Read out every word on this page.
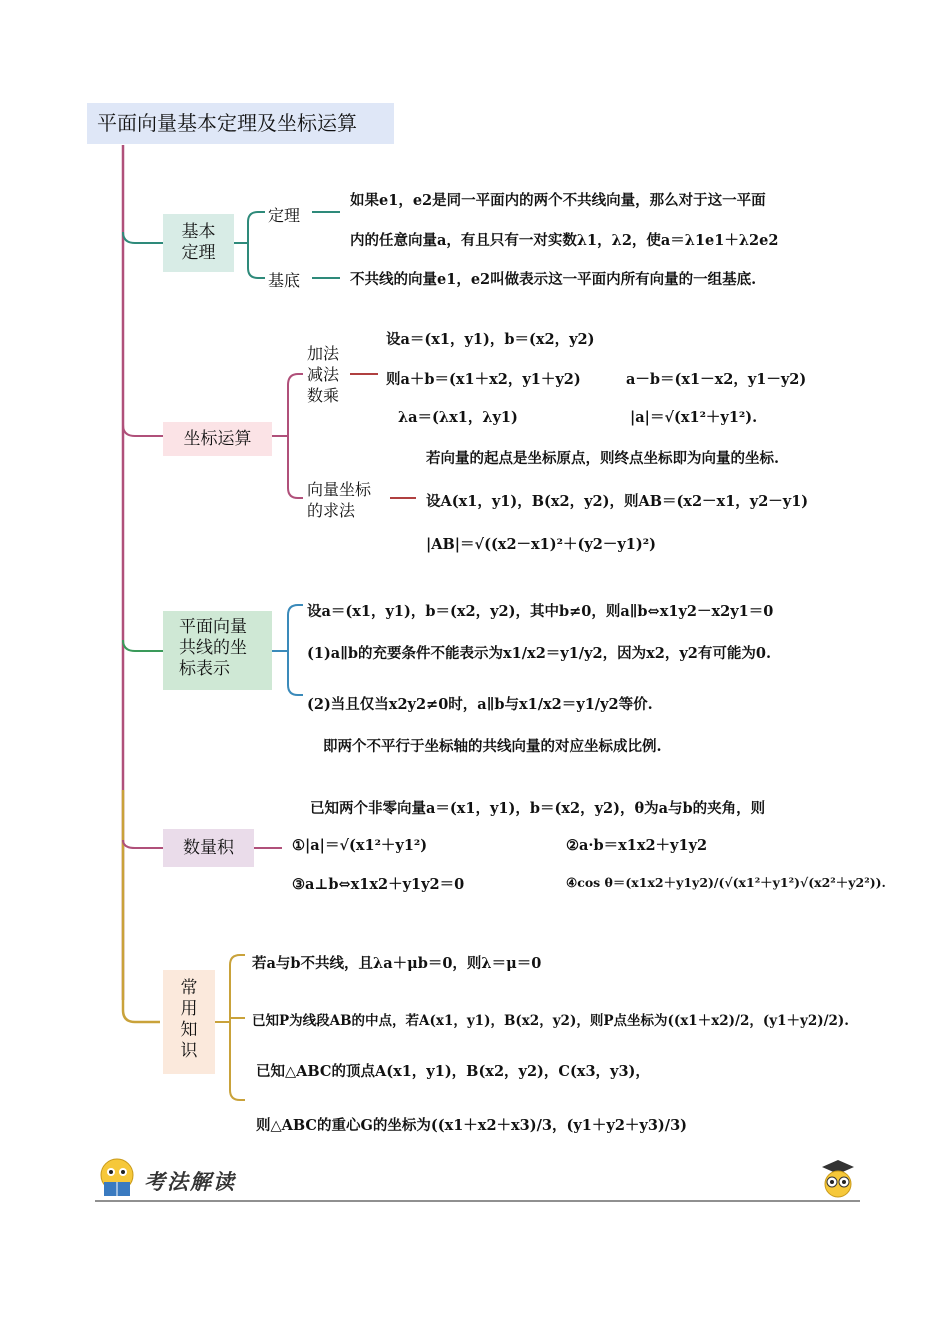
平面向量基本定理及坐标运算
基本
定理
坐标运算
平面向量
共线的坐
标表示
数量积
常
用
知
识
定理
基底
如果e1，e2是同一平面内的两个不共线向量，那么对于这一平面
内的任意向量a，有且只有一对实数λ1，λ2，使a＝λ1e1＋λ2e2
不共线的向量e1，e2叫做表示这一平面内所有向量的一组基底.
加法
减法
数乘
设a＝(x1，y1)，b＝(x2，y2)
则a＋b＝(x1＋x2，y1＋y2)	a－b＝(x1－x2，y1－y2)
λa＝(λx1，λy1)	|a|＝√(x1²＋y1²).
向量坐标
的求法
若向量的起点是坐标原点，则终点坐标即为向量的坐标.
设A(x1，y1)，B(x2，y2)，则AB＝(x2－x1，y2－y1)
|AB|＝√((x2－x1)²＋(y2－y1)²)
设a＝(x1，y1)，b＝(x2，y2)，其中b≠0，则a∥b⇔x1y2－x2y1＝0
(1)a∥b的充要条件不能表示为x1/x2＝y1/y2，因为x2，y2有可能为0.
(2)当且仅当x2y2≠0时，a∥b与x1/x2＝y1/y2等价.
即两个不平行于坐标轴的共线向量的对应坐标成比例.
已知两个非零向量a＝(x1，y1)，b＝(x2，y2)，θ为a与b的夹角，则
①|a|＝√(x1²＋y1²)	②a·b＝x1x2＋y1y2
③a⊥b⇔x1x2＋y1y2＝0	④cos θ＝(x1x2＋y1y2)/(√(x1²＋y1²)√(x2²＋y2²)).
若a与b不共线，且λa＋μb＝0，则λ＝μ＝0
已知P为线段AB的中点，若A(x1，y1)，B(x2，y2)，则P点坐标为((x1＋x2)/2，(y1＋y2)/2).
已知△ABC的顶点A(x1，y1)，B(x2，y2)，C(x3，y3)，
则△ABC的重心G的坐标为((x1＋x2＋x3)/3，(y1＋y2＋y3)/3)
考法解读
